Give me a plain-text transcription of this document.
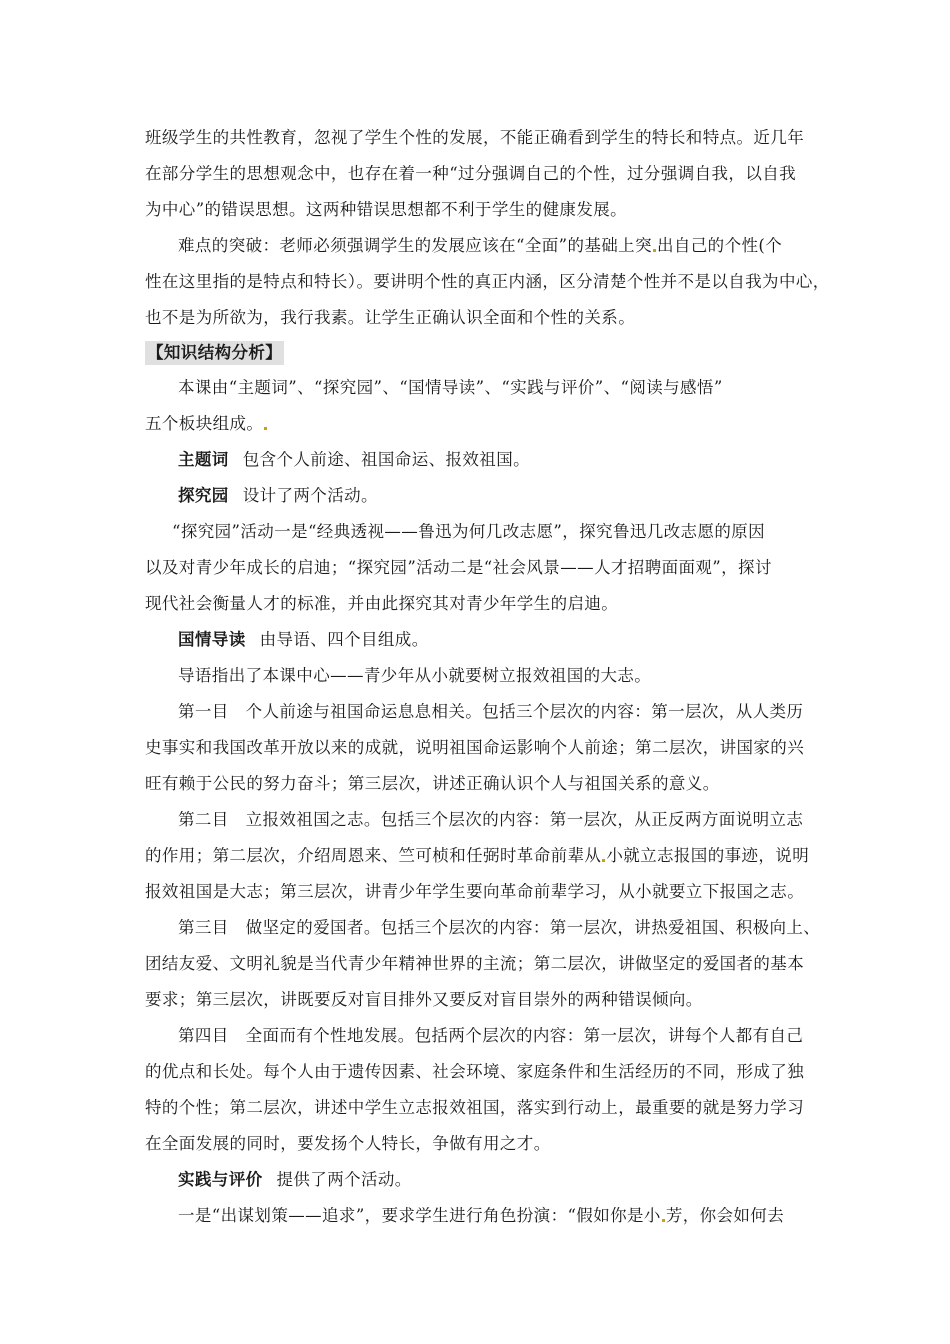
班级学生的共性教育，忽视了学生个性的发展，不能正确看到学生的特长和特点。近几年
在部分学生的思想观念中，也存在着一种“过分强调自己的个性，过分强调自我，以自我
为中心”的错误思想。这两种错误思想都不利于学生的健康发展。
难点的突破：老师必须强调学生的发展应该在“全面”的基础上突 出自己的个性(个
性在这里指的是特点和特长）。要讲明个性的真正内涵，区分清楚个性并不是以自我为中心，
也不是为所欲为，我行我素。让学生正确认识全面和个性的关系。
【知识结构分析】
本课由“主题词”、“探究园”、“国情导读”、“实践与评价”、“阅读与感悟”
五个板块组成。
主题词 包含个人前途、祖国命运、报效祖国。
探究园 设计了两个活动。
“探究园”活动一是“经典透视——鲁迅为何几改志愿”，探究鲁迅几改志愿的原因
以及对青少年成长的启迪；“探究园”活动二是“社会风景——人才招聘面面观”，探讨
现代社会衡量人才的标准，并由此探究其对青少年学生的启迪。
国情导读 由导语、四个目组成。
导语指出了本课中心——青少年从小就要树立报效祖国的大志。
第一目　个人前途与祖国命运息息相关。包括三个层次的内容：第一层次，从人类历
史事实和我国改革开放以来的成就，说明祖国命运影响个人前途；第二层次，讲国家的兴
旺有赖于公民的努力奋斗；第三层次，讲述正确认识个人与祖国关系的意义。
第二目　立报效祖国之志。包括三个层次的内容：第一层次，从正反两方面说明立志
的作用；第二层次，介绍周恩来、竺可桢和任弼时革命前辈从 小就立志报国的事迹，说明
报效祖国是大志；第三层次，讲青少年学生要向革命前辈学习，从小就要立下报国之志。
第三目　做坚定的爱国者。包括三个层次的内容：第一层次，讲热爱祖国、积极向上、
团结友爱、文明礼貌是当代青少年精神世界的主流；第二层次，讲做坚定的爱国者的基本
要求；第三层次，讲既要反对盲目排外又要反对盲目崇外的两种错误倾向。
第四目　全面而有个性地发展。包括两个层次的内容：第一层次，讲每个人都有自己
的优点和长处。每个人由于遗传因素、社会环境、家庭条件和生活经历的不同，形成了独
特的个性；第二层次，讲述中学生立志报效祖国，落实到行动上，最重要的就是努力学习
在全面发展的同时，要发扬个人特长，争做有用之才。
实践与评价 提供了两个活动。
一是“出谋划策——追求”，要求学生进行角色扮演：“假如你是小 芳，你会如何去
